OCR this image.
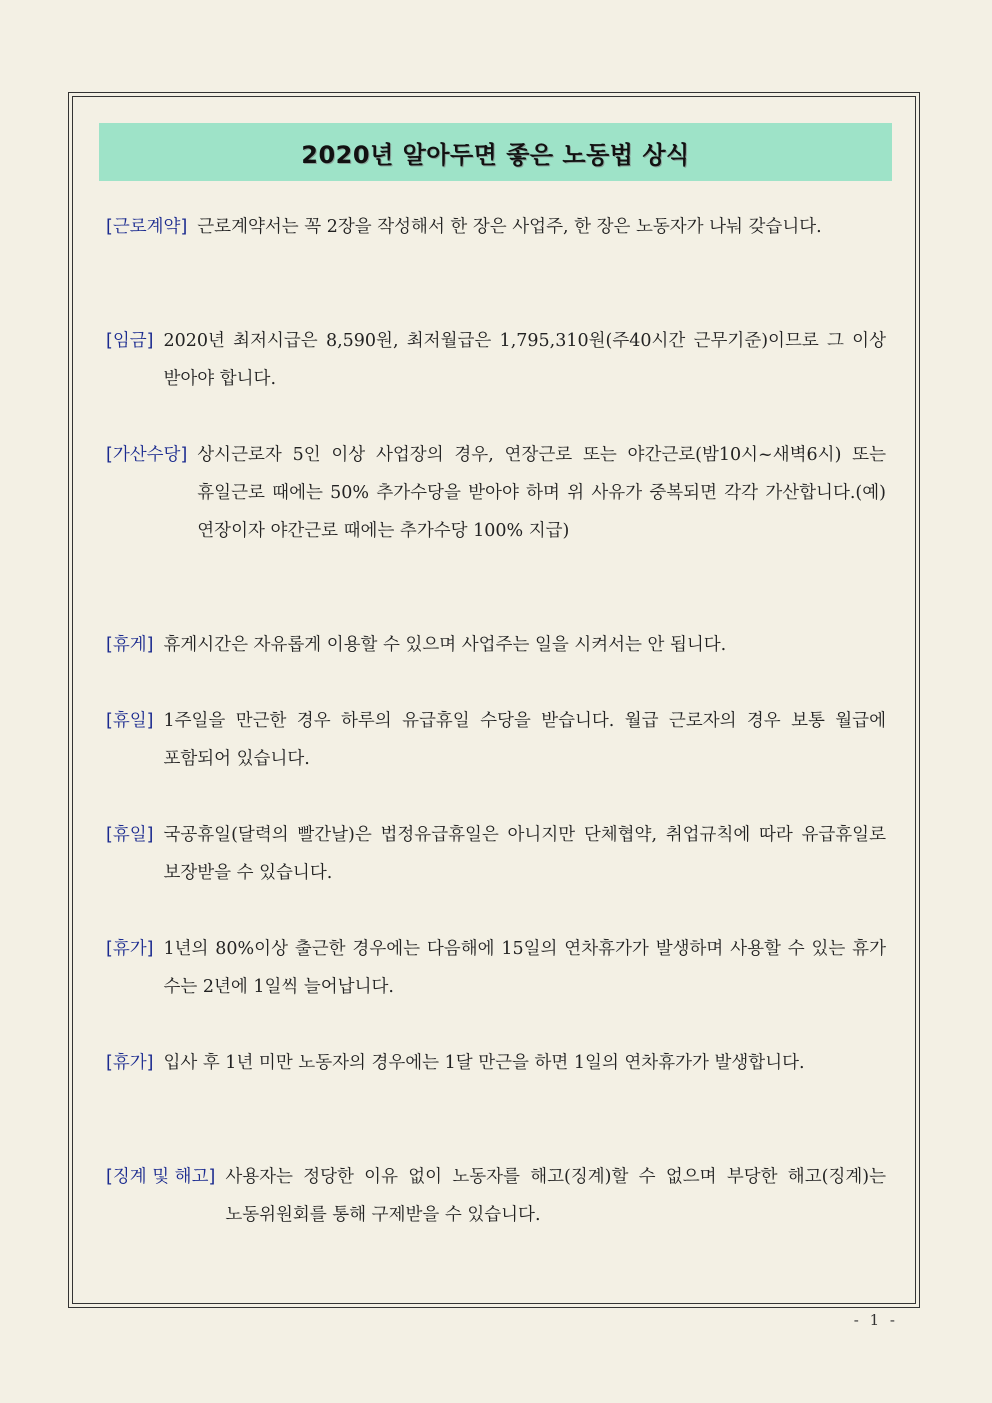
2020년 알아두면 좋은 노동법 상식
[근로계약] 근로계약서는 꼭 2장을 작성해서 한 장은 사업주, 한 장은 노동자가 나눠 갖습니다.
[임금] 2020년 최저시급은 8,590원, 최저월급은 1,795,310원(주40시간 근무기준)이므로 그 이상 받아야 합니다.
[가산수당] 상시근로자 5인 이상 사업장의 경우, 연장근로 또는 야간근로(밤10시~새벽6시) 또는 휴일근로 때에는 50% 추가수당을 받아야 하며 위 사유가 중복되면 각각 가산합니다.(예)연장이자 야간근로 때에는 추가수당 100% 지급)
[휴게] 휴게시간은 자유롭게 이용할 수 있으며 사업주는 일을 시켜서는 안 됩니다.
[휴일] 1주일을 만근한 경우 하루의 유급휴일 수당을 받습니다. 월급 근로자의 경우 보통 월급에 포함되어 있습니다.
[휴일] 국공휴일(달력의 빨간날)은 법정유급휴일은 아니지만 단체협약, 취업규칙에 따라 유급휴일로 보장받을 수 있습니다.
[휴가] 1년의 80%이상 출근한 경우에는 다음해에 15일의 연차휴가가 발생하며 사용할 수 있는 휴가 수는 2년에 1일씩 늘어납니다.
[휴가] 입사 후 1년 미만 노동자의 경우에는 1달 만근을 하면 1일의 연차휴가가 발생합니다.
[징계 및 해고] 사용자는 정당한 이유 없이 노동자를 해고(징계)할 수 없으며 부당한 해고(징계)는 노동위원회를 통해 구제받을 수 있습니다.
- 1 -
